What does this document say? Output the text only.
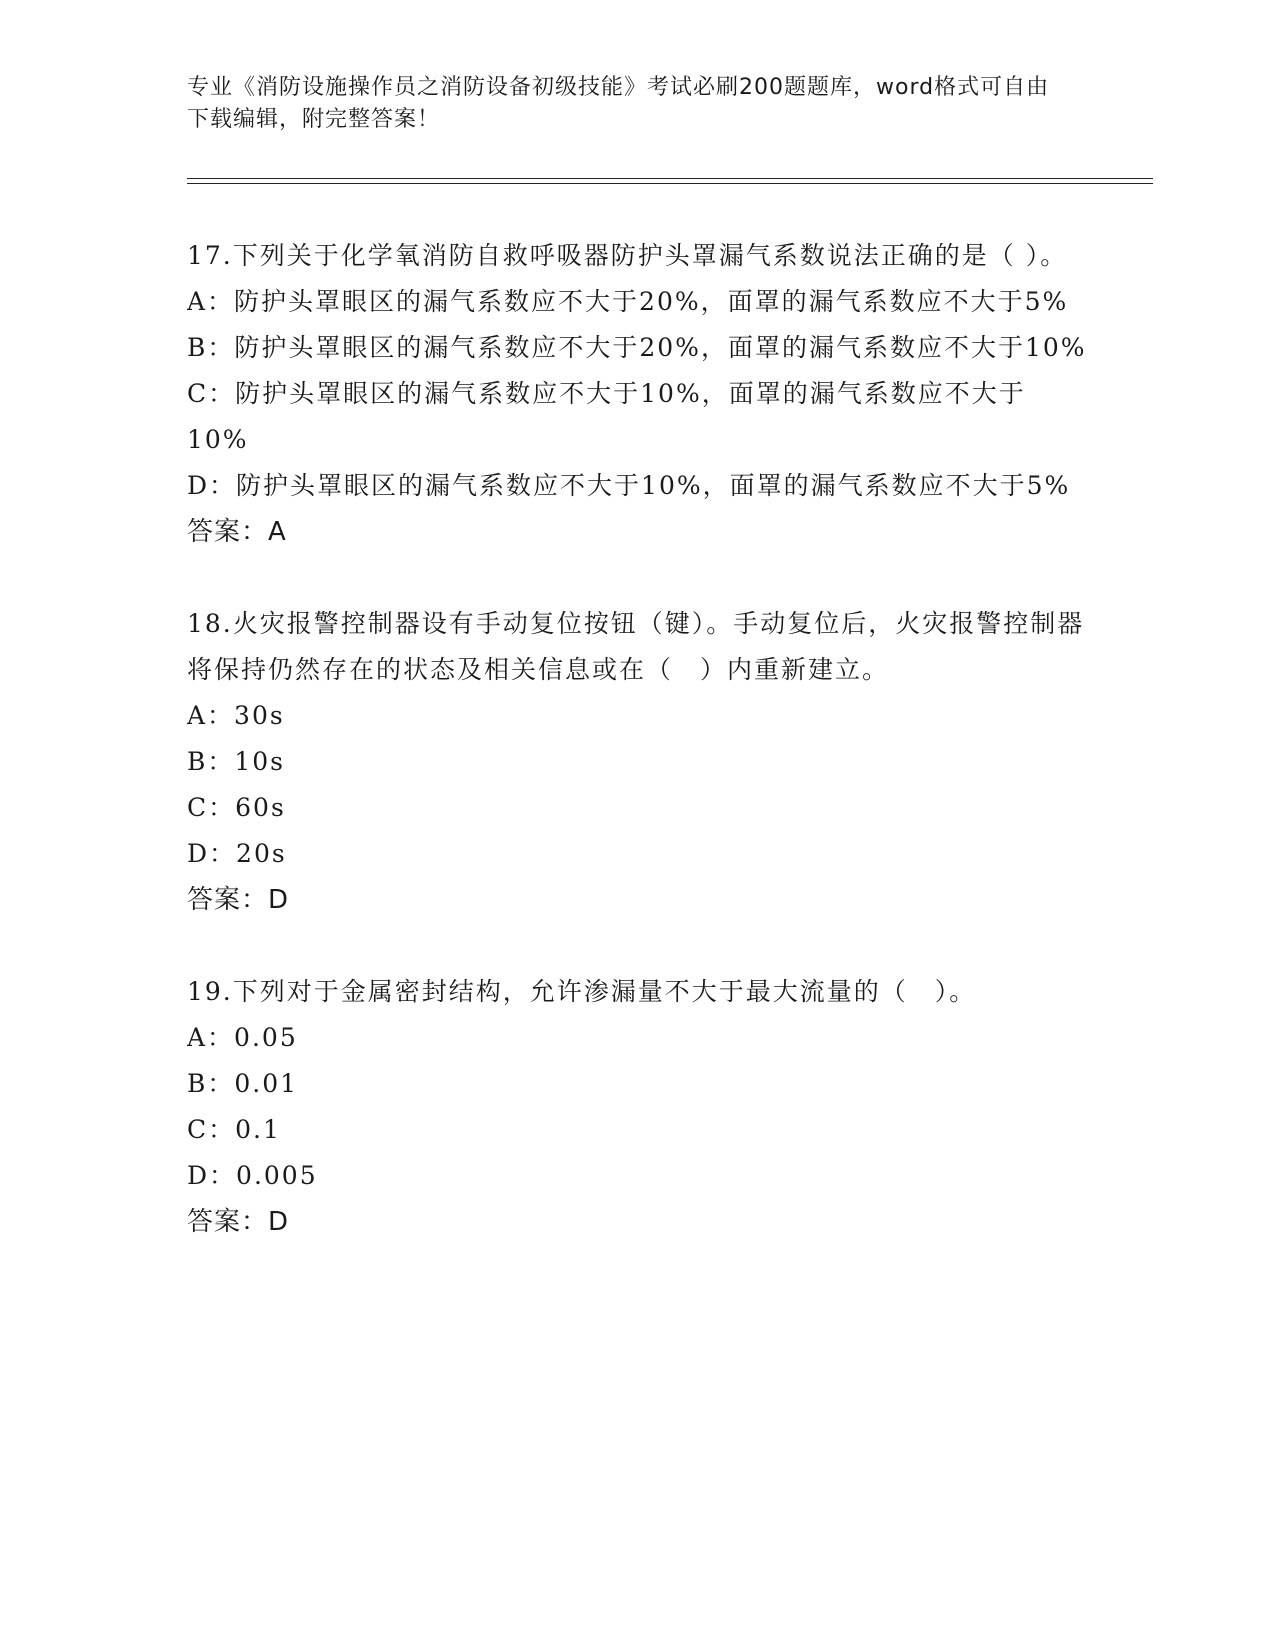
专业《消防设施操作员之消防设备初级技能》考试必刷200题题库，word格式可自由下载编辑，附完整答案！

17.下列关于化学氧消防自救呼吸器防护头罩漏气系数说法正确的是（ ）。

A：防护头罩眼区的漏气系数应不大于20%，面罩的漏气系数应不大于5%

B：防护头罩眼区的漏气系数应不大于20%，面罩的漏气系数应不大于10%

C：防护头罩眼区的漏气系数应不大于10%，面罩的漏气系数应不大于10%

D：防护头罩眼区的漏气系数应不大于10%，面罩的漏气系数应不大于5%

答案：A

18.火灾报警控制器设有手动复位按钮（键）。手动复位后，火灾报警控制器将保持仍然存在的状态及相关信息或在（　）内重新建立。

A：30s

B：10s

C：60s

D：20s

答案：D

19.下列对于金属密封结构，允许渗漏量不大于最大流量的（　）。

A：0.05

B：0.01

C：0.1

D：0.005

答案：D
